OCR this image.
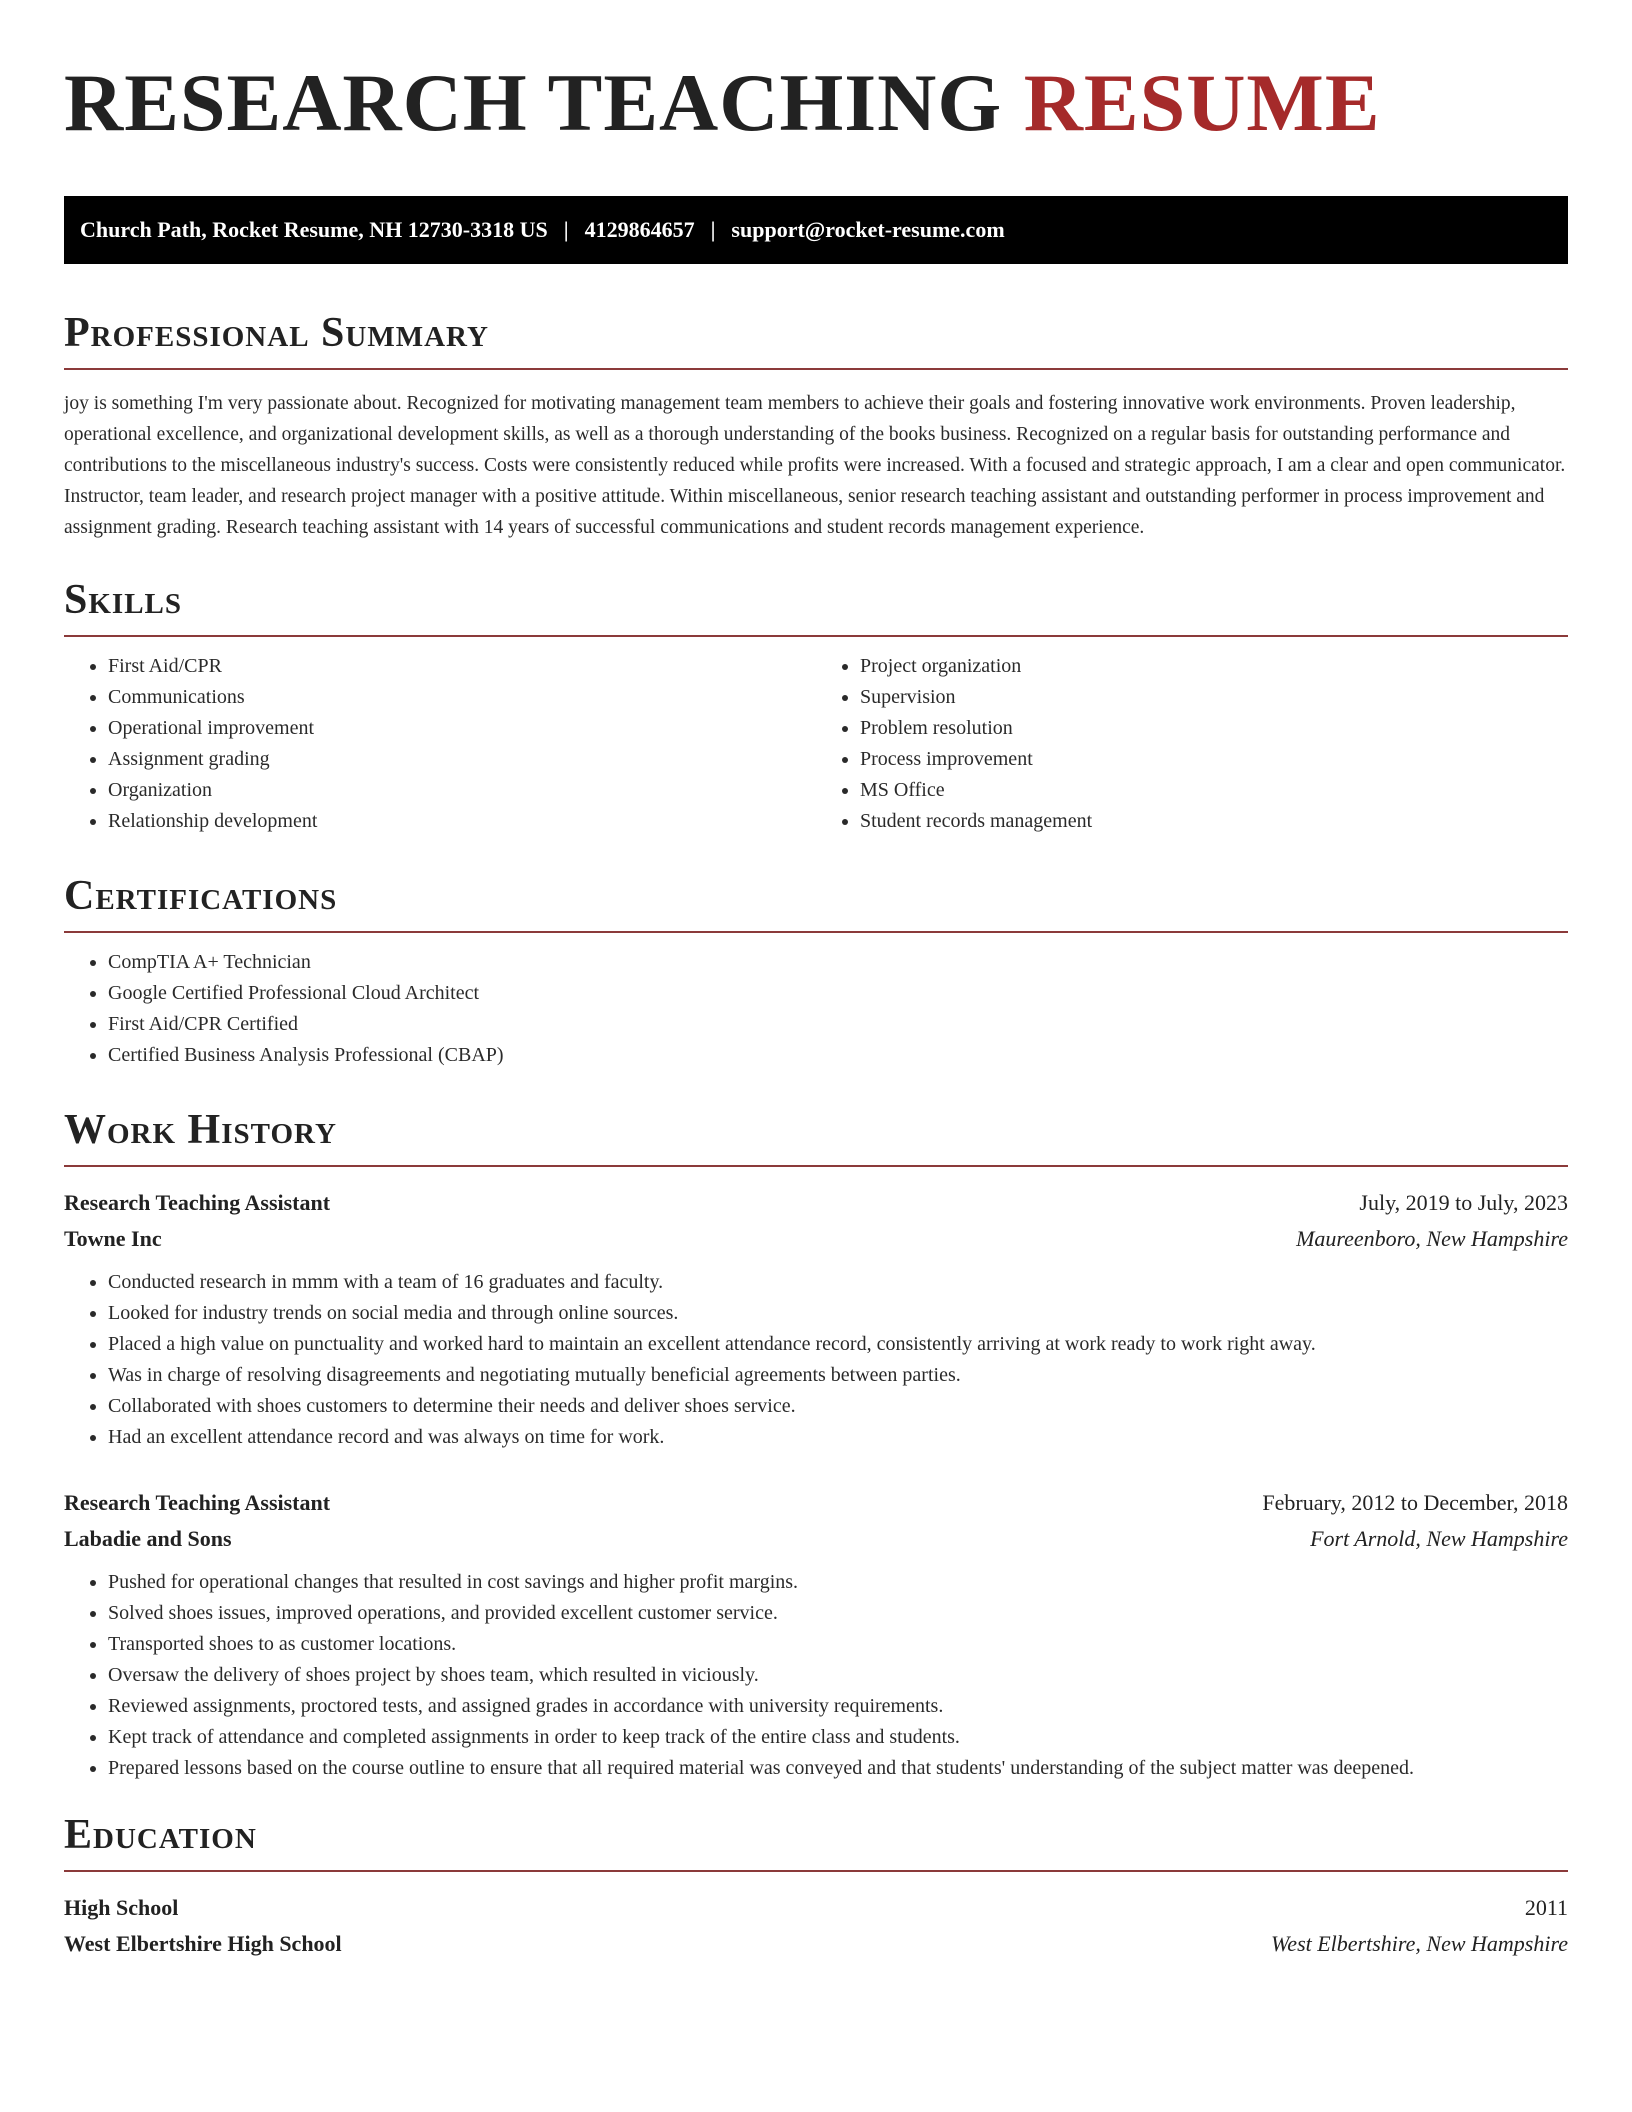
RESEARCH TEACHING RESUME
Church Path, Rocket Resume, NH 12730-3318 US | 4129864657 | support@rocket-resume.com
Professional Summary

joy is something I'm very passionate about. Recognized for motivating management team members to achieve their goals and fostering innovative work environments. Proven leadership, operational excellence, and organizational development skills, as well as a thorough understanding of the books business. Recognized on a regular basis for outstanding performance and contributions to the miscellaneous industry's success. Costs were consistently reduced while profits were increased. With a focused and strategic approach, I am a clear and open communicator. Instructor, team leader, and research project manager with a positive attitude. Within miscellaneous, senior research teaching assistant and outstanding performer in process improvement and assignment grading. Research teaching assistant with 14 years of successful communications and student records management experience.

Skills
• First Aid/CPR
• Communications
• Operational improvement
• Assignment grading
• Organization
• Relationship development
• Project organization
• Supervision
• Problem resolution
• Process improvement
• MS Office
• Student records management
Certifications
• CompTIA A+ Technician
• Google Certified Professional Cloud Architect
• First Aid/CPR Certified
• Certified Business Analysis Professional (CBAP)
Work History
Research Teaching Assistant	July, 2019 to July, 2023
Towne Inc	Maureenboro, New Hampshire
• Conducted research in mmm with a team of 16 graduates and faculty.
• Looked for industry trends on social media and through online sources.
• Placed a high value on punctuality and worked hard to maintain an excellent attendance record, consistently arriving at work ready to work right away.
• Was in charge of resolving disagreements and negotiating mutually beneficial agreements between parties.
• Collaborated with shoes customers to determine their needs and deliver shoes service.
• Had an excellent attendance record and was always on time for work.
Research Teaching Assistant	February, 2012 to December, 2018
Labadie and Sons	Fort Arnold, New Hampshire
• Pushed for operational changes that resulted in cost savings and higher profit margins.
• Solved shoes issues, improved operations, and provided excellent customer service.
• Transported shoes to as customer locations.
• Oversaw the delivery of shoes project by shoes team, which resulted in viciously.
• Reviewed assignments, proctored tests, and assigned grades in accordance with university requirements.
• Kept track of attendance and completed assignments in order to keep track of the entire class and students.
• Prepared lessons based on the course outline to ensure that all required material was conveyed and that students' understanding of the subject matter was deepened.
Education
High School	2011
West Elbertshire High School	West Elbertshire, New Hampshire
